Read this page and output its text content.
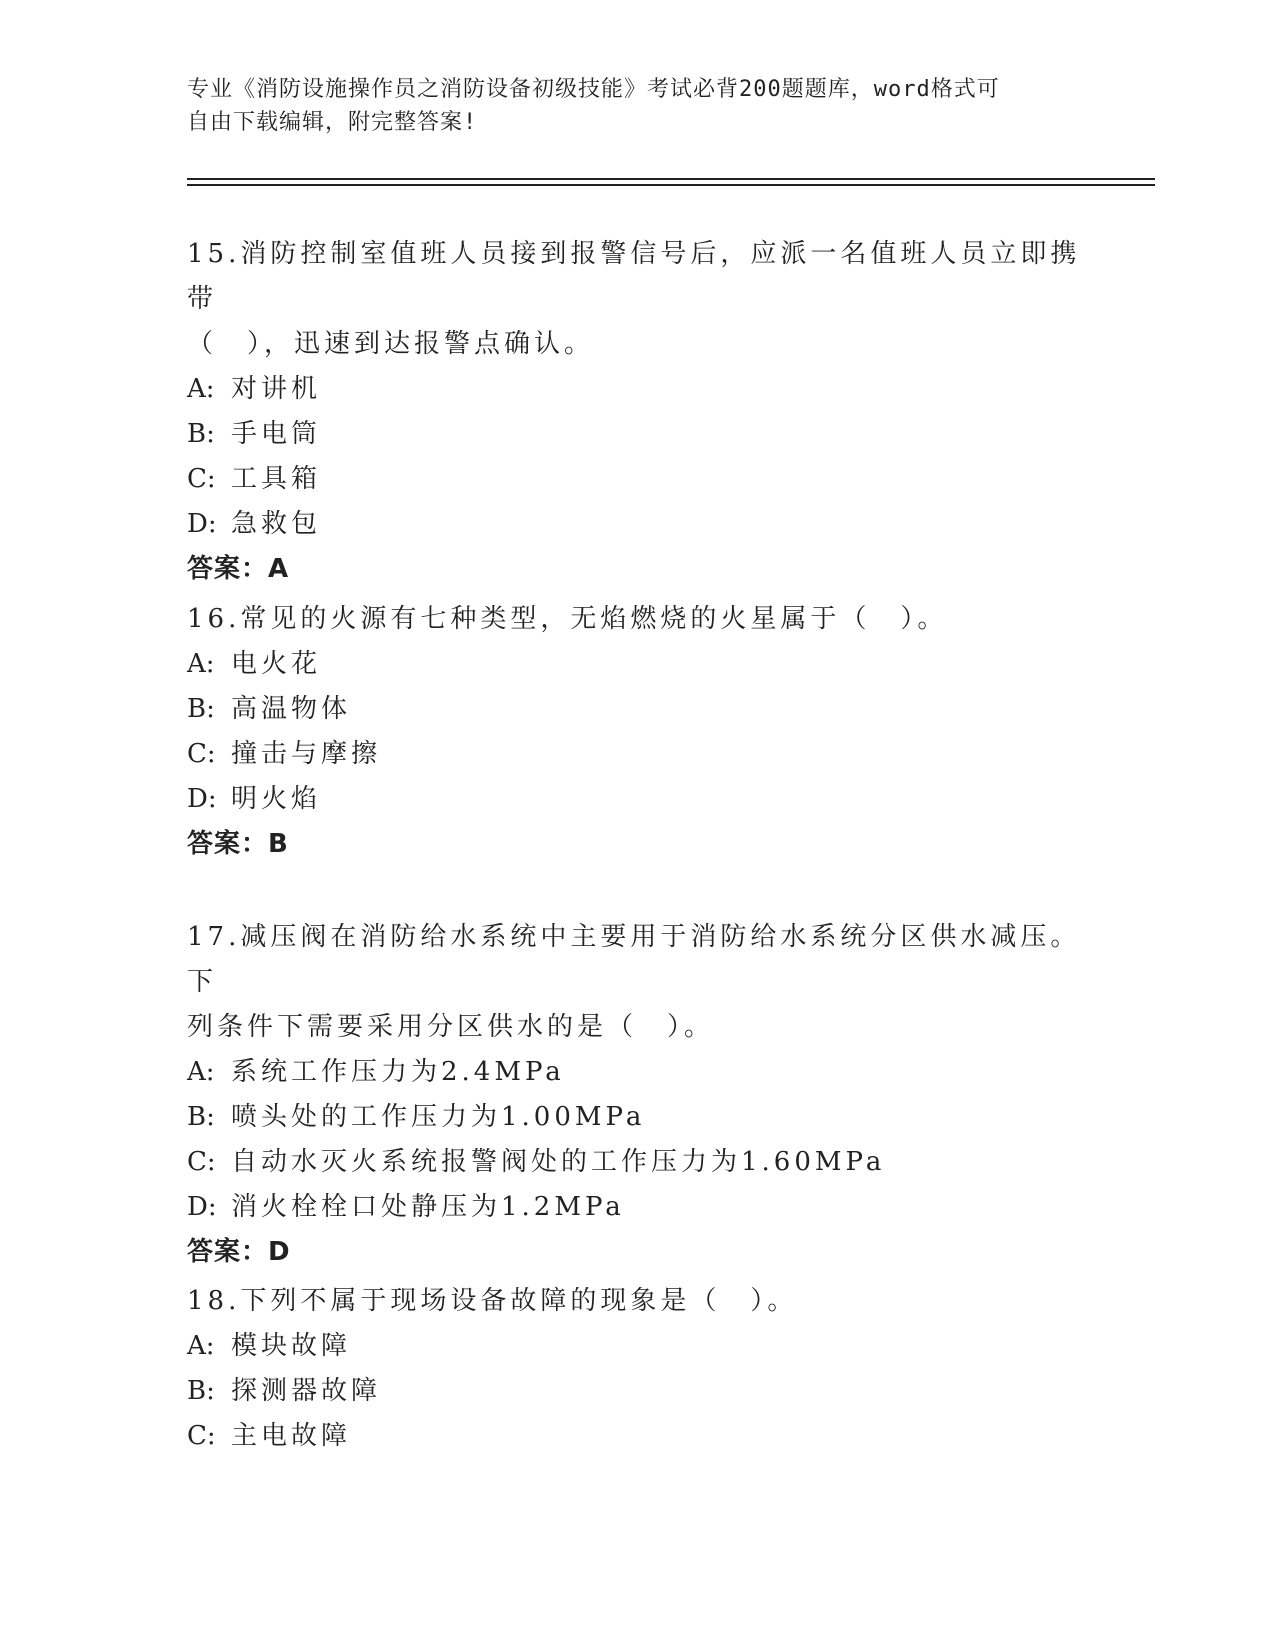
专业《消防设施操作员之消防设备初级技能》考试必背200题题库，word格式可
自由下载编辑，附完整答案!
15.消防控制室值班人员接到报警信号后，应派一名值班人员立即携带
（　），迅速到达报警点确认。
A: 对讲机
B: 手电筒
C: 工具箱
D: 急救包
答案：A
16.常见的火源有七种类型，无焰燃烧的火星属于（　）。
A: 电火花
B: 高温物体
C: 撞击与摩擦
D: 明火焰
答案：B
17.减压阀在消防给水系统中主要用于消防给水系统分区供水减压。下
列条件下需要采用分区供水的是（　）。
A: 系统工作压力为2.4MPa
B: 喷头处的工作压力为1.00MPa
C: 自动水灭火系统报警阀处的工作压力为1.60MPa
D: 消火栓栓口处静压为1.2MPa
答案：D
18.下列不属于现场设备故障的现象是（　）。
A: 模块故障
B: 探测器故障
C: 主电故障
